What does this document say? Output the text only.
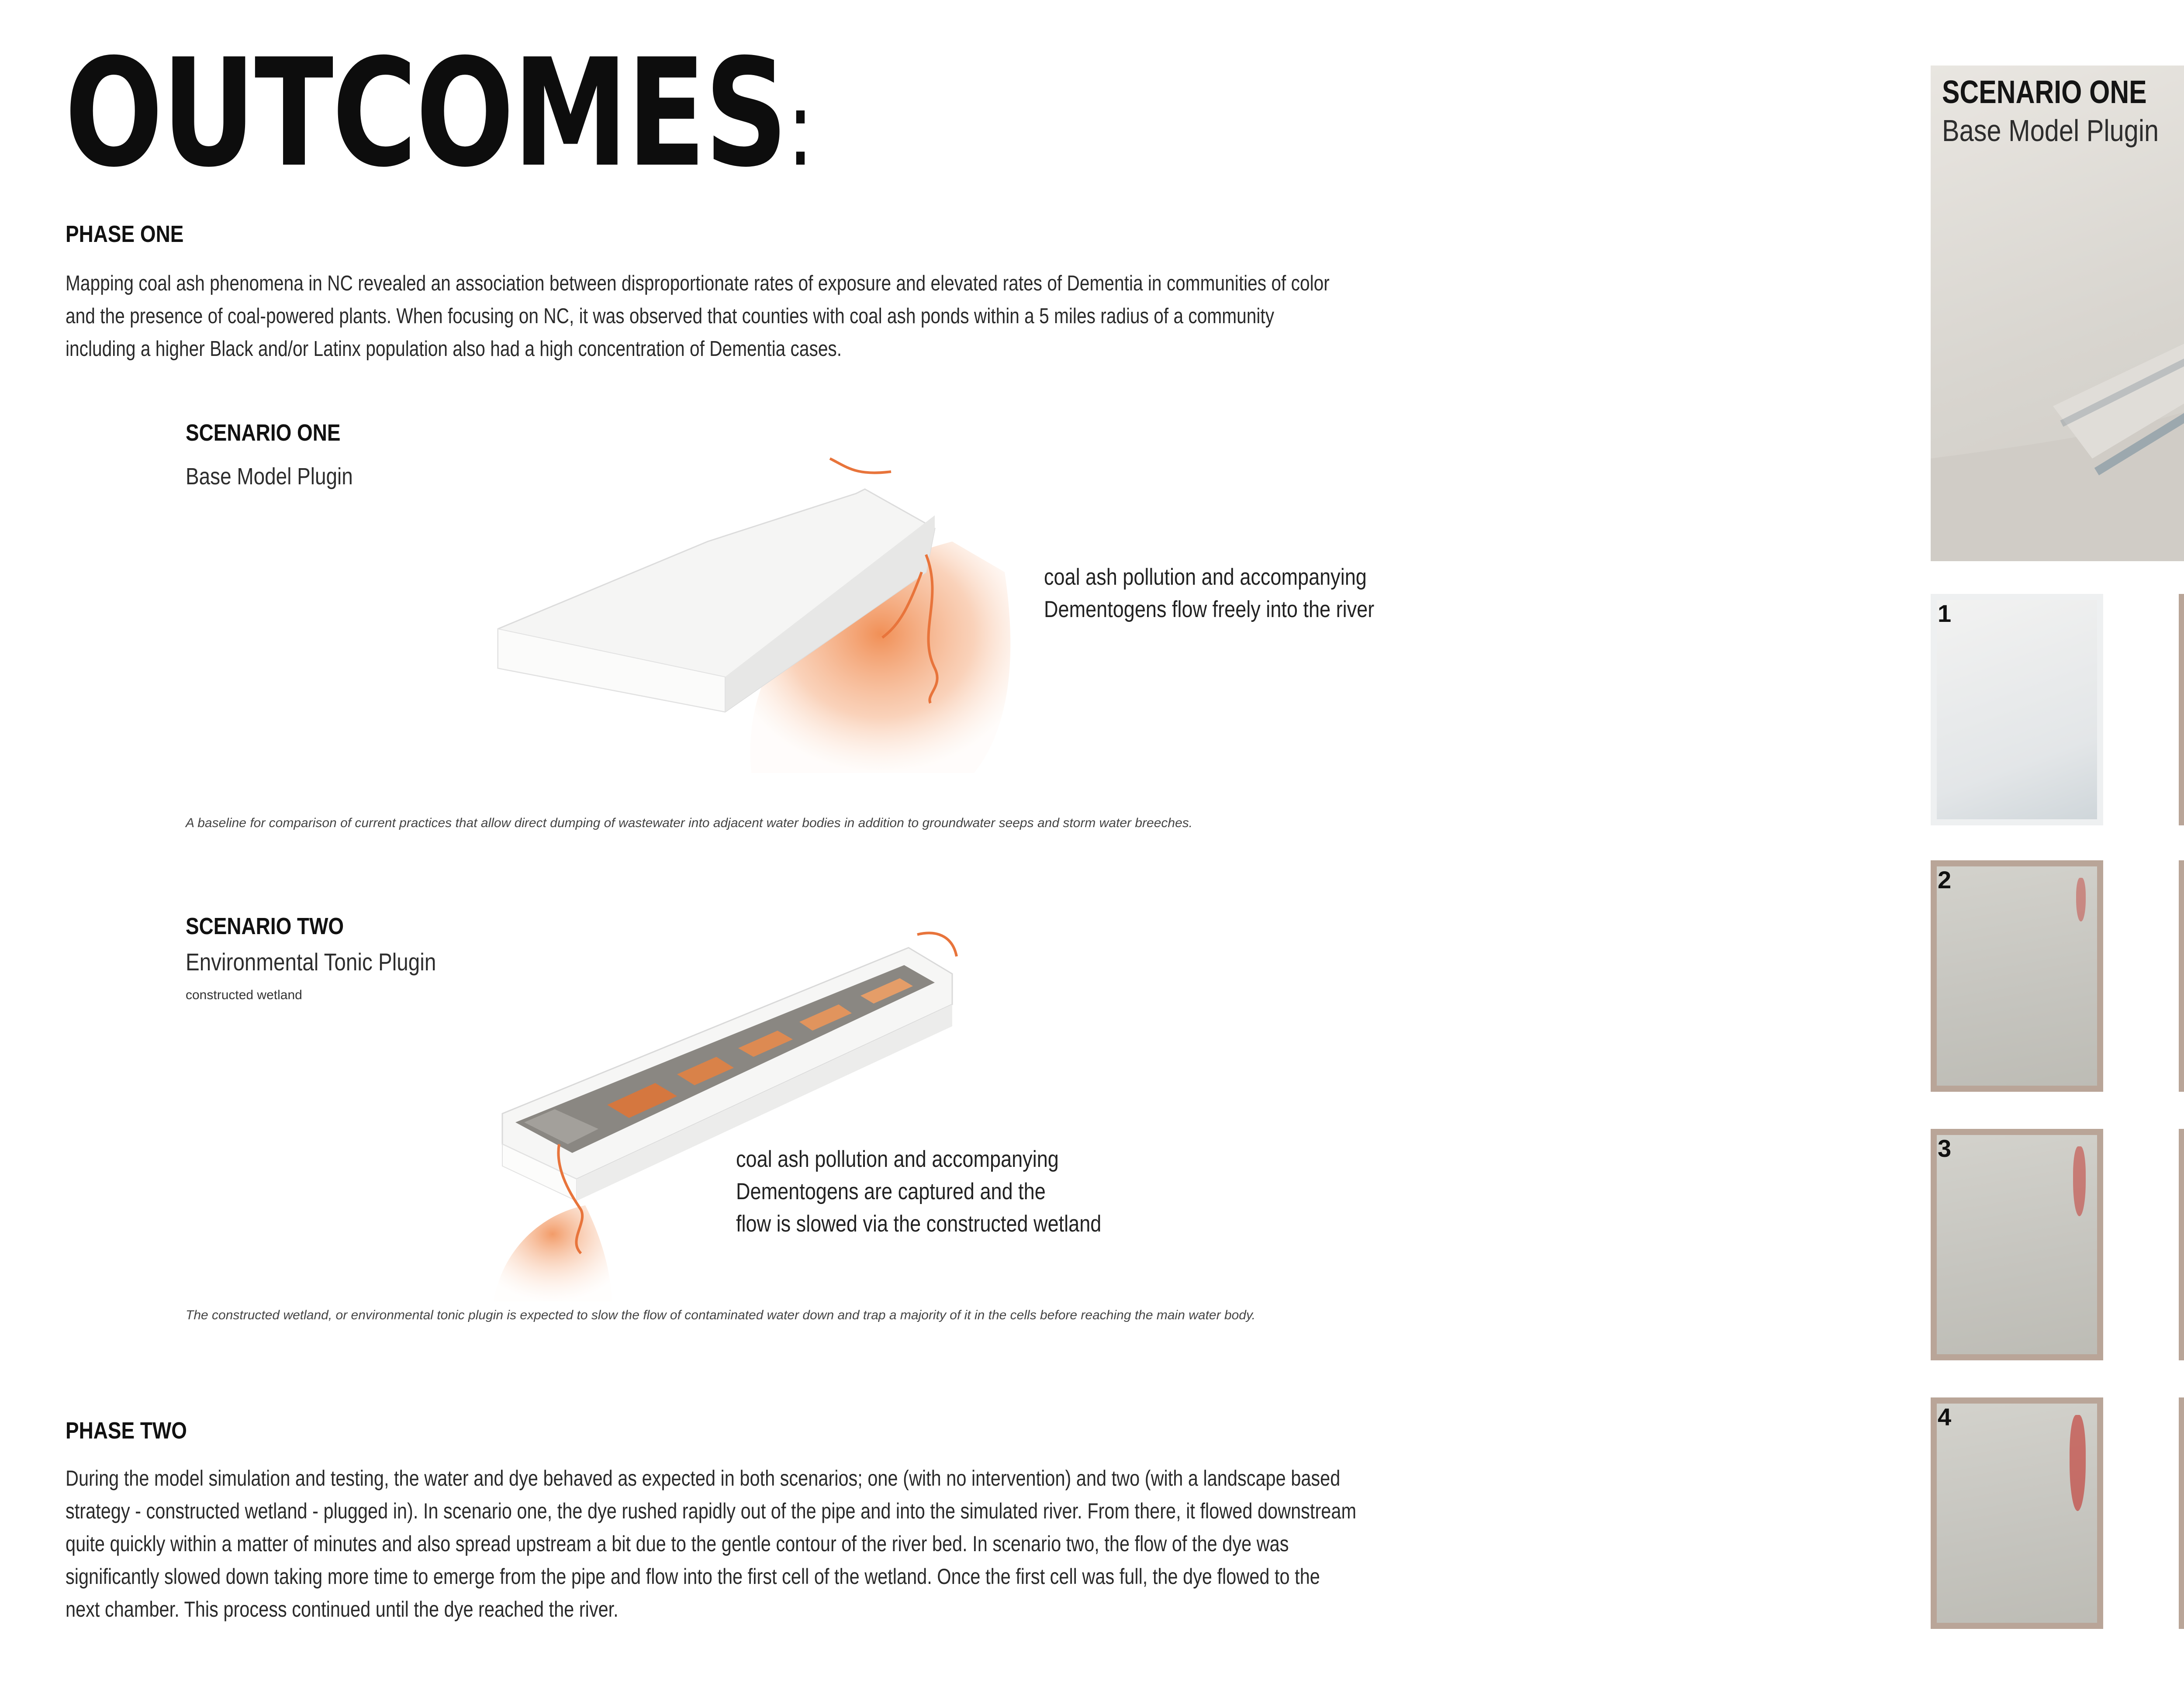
OUTCOMES:
PHASE ONE
Mapping coal ash phenomena in NC revealed an association between disproportionate rates of exposure and elevated rates of Dementia in communities of color
and the presence of coal-powered plants. When focusing on NC, it was observed that counties with coal ash ponds within a 5 miles radius of a community
including a higher Black and/or Latinx population also had a high concentration of Dementia cases.
SCENARIO ONE
Base Model Plugin
coal ash pollution and accompanying
Dementogens flow freely into the river
A baseline for comparison of current practices that allow direct dumping of wastewater into adjacent water bodies in addition to groundwater seeps and storm water breeches.
SCENARIO TWO
Environmental Tonic Plugin
constructed wetland
coal ash pollution and accompanying
Dementogens are captured and the
flow is slowed via the constructed wetland
The constructed wetland, or environmental tonic plugin is expected to slow the flow of contaminated water down and trap a majority of it in the cells before reaching the main water body.
PHASE TWO
During the model simulation and testing, the water and dye behaved as expected in both scenarios; one (with no intervention) and two (with a landscape based
strategy - constructed wetland - plugged in). In scenario one, the dye rushed rapidly out of the pipe and into the simulated river. From there, it flowed downstream
quite quickly within a matter of minutes and also spread upstream a bit due to the gentle contour of the river bed. In scenario two, the flow of the dye was
significantly slowed down taking more time to emerge from the pipe and flow into the first cell of the wetland. Once the first cell was full, the dye flowed to the
next chamber. This process continued until the dye reached the river.
SCENARIO ONE
Base Model Plugin
1
2
3
4
